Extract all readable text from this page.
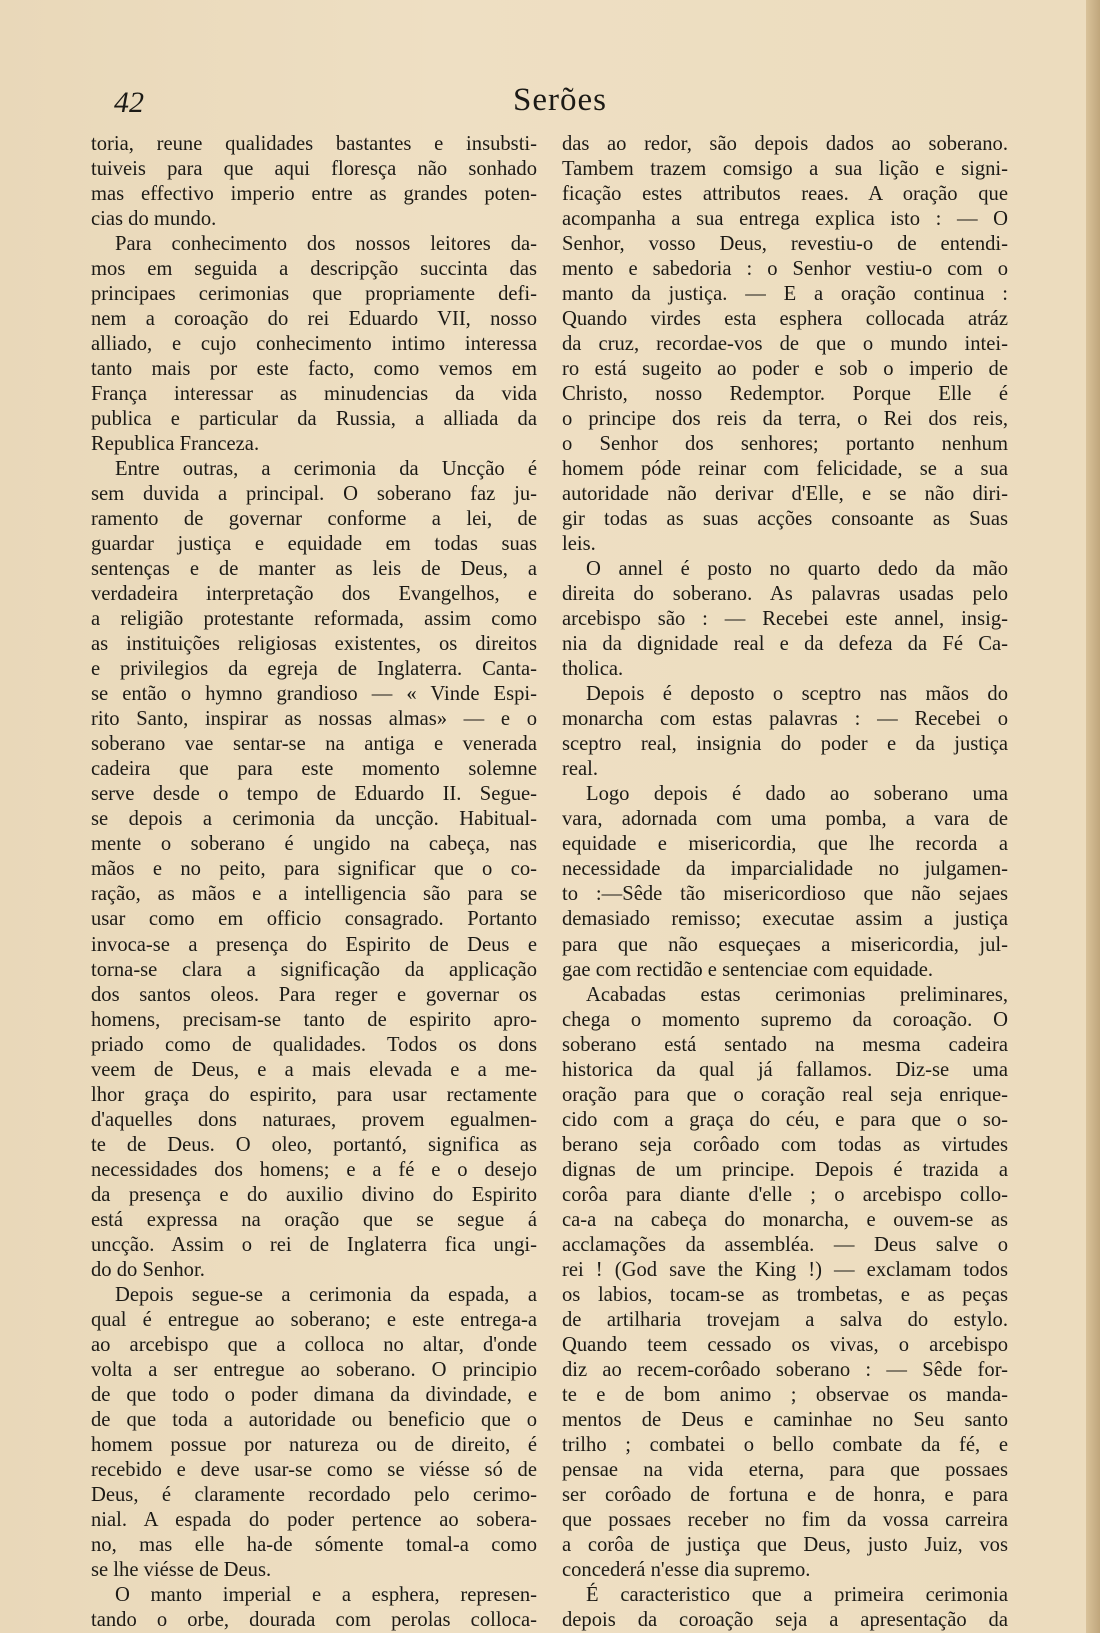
42	Serões
toria, reune qualidades bastantes e insubsti-
tuiveis para que aqui floresça não sonhado
mas effectivo imperio entre as grandes poten-
cias do mundo.
Para conhecimento dos nossos leitores da-
mos em seguida a descripção succinta das
principaes cerimonias que propriamente defi-
nem a coroação do rei Eduardo VII, nosso
alliado, e cujo conhecimento intimo interessa
tanto mais por este facto, como vemos em
França interessar as minudencias da vida
publica e particular da Russia, a alliada da
Republica Franceza.
Entre outras, a cerimonia da Uncção é
sem duvida a principal. O soberano faz ju-
ramento de governar conforme a lei, de
guardar justiça e equidade em todas suas
sentenças e de manter as leis de Deus, a
verdadeira interpretação dos Evangelhos, e
a religião protestante reformada, assim como
as instituições religiosas existentes, os direitos
e privilegios da egreja de Inglaterra. Canta-
se então o hymno grandioso — « Vinde Espi-
rito Santo, inspirar as nossas almas» — e o
soberano vae sentar-se na antiga e venerada
cadeira que para este momento solemne
serve desde o tempo de Eduardo II. Segue-
se depois a cerimonia da uncção. Habitual-
mente o soberano é ungido na cabeça, nas
mãos e no peito, para significar que o co-
ração, as mãos e a intelligencia são para se
usar como em officio consagrado. Portanto
invoca-se a presença do Espirito de Deus e
torna-se clara a significação da applicação
dos santos oleos. Para reger e governar os
homens, precisam-se tanto de espirito apro-
priado como de qualidades. Todos os dons
veem de Deus, e a mais elevada e a me-
lhor graça do espirito, para usar rectamente
d'aquelles dons naturaes, provem egualmen-
te de Deus. O oleo, portantó, significa as
necessidades dos homens; e a fé e o desejo
da presença e do auxilio divino do Espirito
está expressa na oração que se segue á
uncção. Assim o rei de Inglaterra fica ungi-
do do Senhor.
Depois segue-se a cerimonia da espada, a
qual é entregue ao soberano; e este entrega-a
ao arcebispo que a colloca no altar, d'onde
volta a ser entregue ao soberano. O principio
de que todo o poder dimana da divindade, e
de que toda a autoridade ou beneficio que o
homem possue por natureza ou de direito, é
recebido e deve usar-se como se viésse só de
Deus, é claramente recordado pelo cerimo-
nial. A espada do poder pertence ao sobera-
no, mas elle ha-de sómente tomal-a como
se lhe viésse de Deus.
O manto imperial e a esphera, represen-
tando o orbe, dourada com perolas colloca-
das ao redor, são depois dados ao soberano.
Tambem trazem comsigo a sua lição e signi-
ficação estes attributos reaes. A oração que
acompanha a sua entrega explica isto : — O
Senhor, vosso Deus, revestiu-o de entendi-
mento e sabedoria : o Senhor vestiu-o com o
manto da justiça. — E a oração continua :
Quando virdes esta esphera collocada atráz
da cruz, recordae-vos de que o mundo intei-
ro está sugeito ao poder e sob o imperio de
Christo, nosso Redemptor. Porque Elle é
o principe dos reis da terra, o Rei dos reis,
o Senhor dos senhores; portanto nenhum
homem póde reinar com felicidade, se a sua
autoridade não derivar d'Elle, e se não diri-
gir todas as suas acções consoante as Suas
leis.
O annel é posto no quarto dedo da mão
direita do soberano. As palavras usadas pelo
arcebispo são : — Recebei este annel, insig-
nia da dignidade real e da defeza da Fé Ca-
tholica.
Depois é deposto o sceptro nas mãos do
monarcha com estas palavras : — Recebei o
sceptro real, insignia do poder e da justiça
real.
Logo depois é dado ao soberano uma
vara, adornada com uma pomba, a vara de
equidade e misericordia, que lhe recorda a
necessidade da imparcialidade no julgamen-
to :—Sêde tão misericordioso que não sejaes
demasiado remisso; executae assim a justiça
para que não esqueçaes a misericordia, jul-
gae com rectidão e sentenciae com equidade.
Acabadas estas cerimonias preliminares,
chega o momento supremo da coroação. O
soberano está sentado na mesma cadeira
historica da qual já fallamos. Diz-se uma
oração para que o coração real seja enrique-
cido com a graça do céu, e para que o so-
berano seja corôado com todas as virtudes
dignas de um principe. Depois é trazida a
corôa para diante d'elle ; o arcebispo collo-
ca-a na cabeça do monarcha, e ouvem-se as
acclamações da assembléa. — Deus salve o
rei ! (God save the King !) — exclamam todos
os labios, tocam-se as trombetas, e as peças
de artilharia trovejam a salva do estylo.
Quando teem cessado os vivas, o arcebispo
diz ao recem-corôado soberano : — Sêde for-
te e de bom animo ; observae os manda-
mentos de Deus e caminhae no Seu santo
trilho ; combatei o bello combate da fé, e
pensae na vida eterna, para que possaes
ser corôado de fortuna e de honra, e para
que possaes receber no fim da vossa carreira
a corôa de justiça que Deus, justo Juiz, vos
concederá n'esse dia supremo.
É caracteristico que a primeira cerimonia
depois da coroação seja a apresentação da
